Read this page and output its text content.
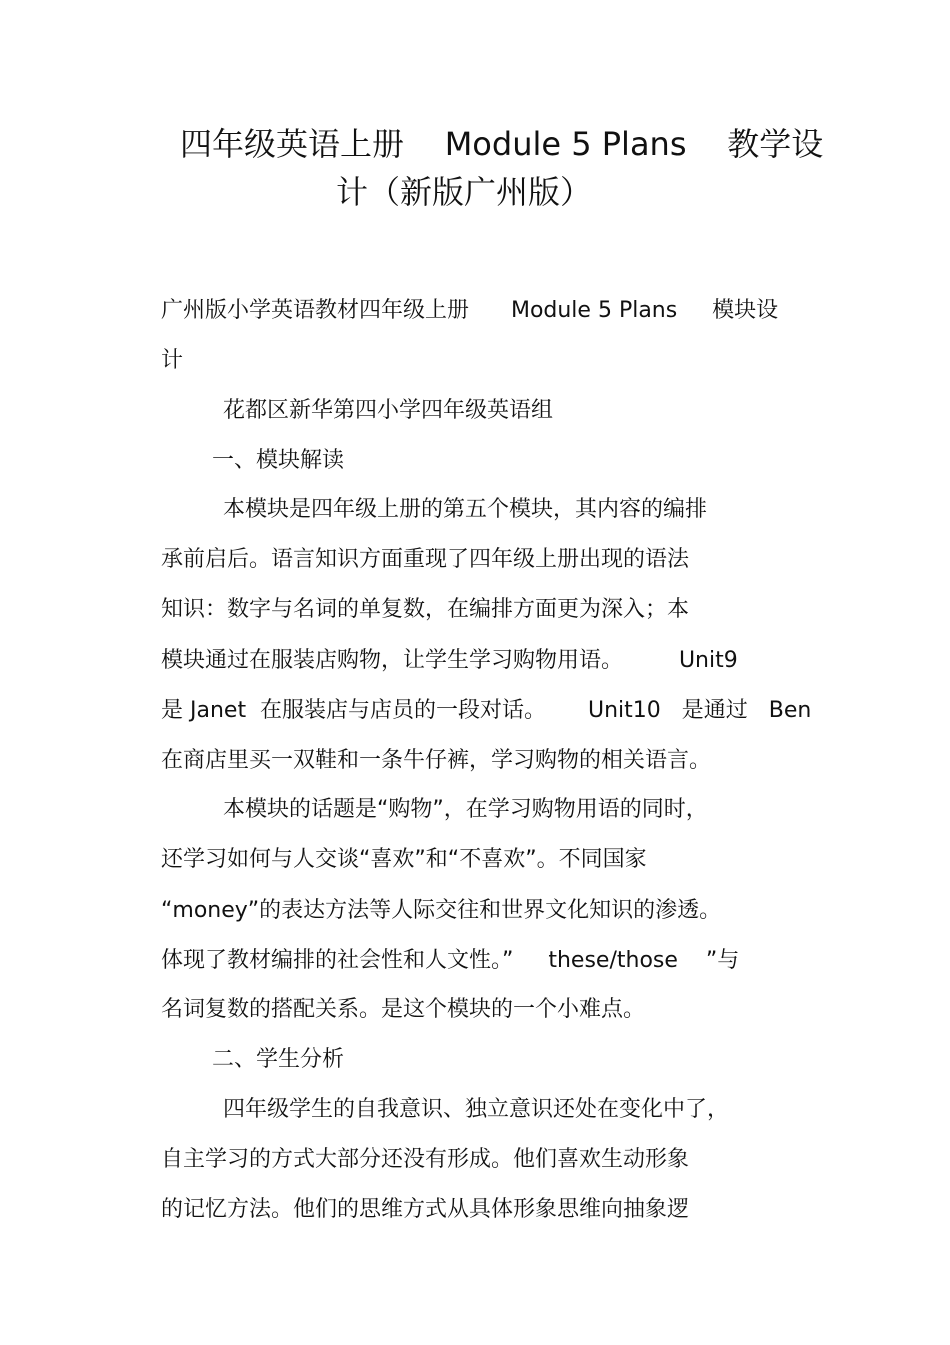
四年级英语上册    Module 5 Plans    教学设
计（新版广州版）
广州版小学英语教材四年级上册      Module 5 Plans     模块设
计
花都区新华第四小学四年级英语组
一、模块解读
本模块是四年级上册的第五个模块，其内容的编排
承前启后。语言知识方面重现了四年级上册出现的语法
知识：数字与名词的单复数，在编排方面更为深入；本
模块通过在服装店购物，让学生学习购物用语。        Unit9
是 Janet  在服装店与店员的一段对话。      Unit10   是通过   Ben
在商店里买一双鞋和一条牛仔裤，学习购物的相关语言。
本模块的话题是“购物”，在学习购物用语的同时，
还学习如何与人交谈“喜欢”和“不喜欢”。不同国家
“money”的表达方法等人际交往和世界文化知识的渗透。
体现了教材编排的社会性和人文性。”     these/those    ”与
名词复数的搭配关系。是这个模块的一个小难点。
二、学生分析
四年级学生的自我意识、独立意识还处在变化中了，
自主学习的方式大部分还没有形成。他们喜欢生动形象
的记忆方法。他们的思维方式从具体形象思维向抽象逻
